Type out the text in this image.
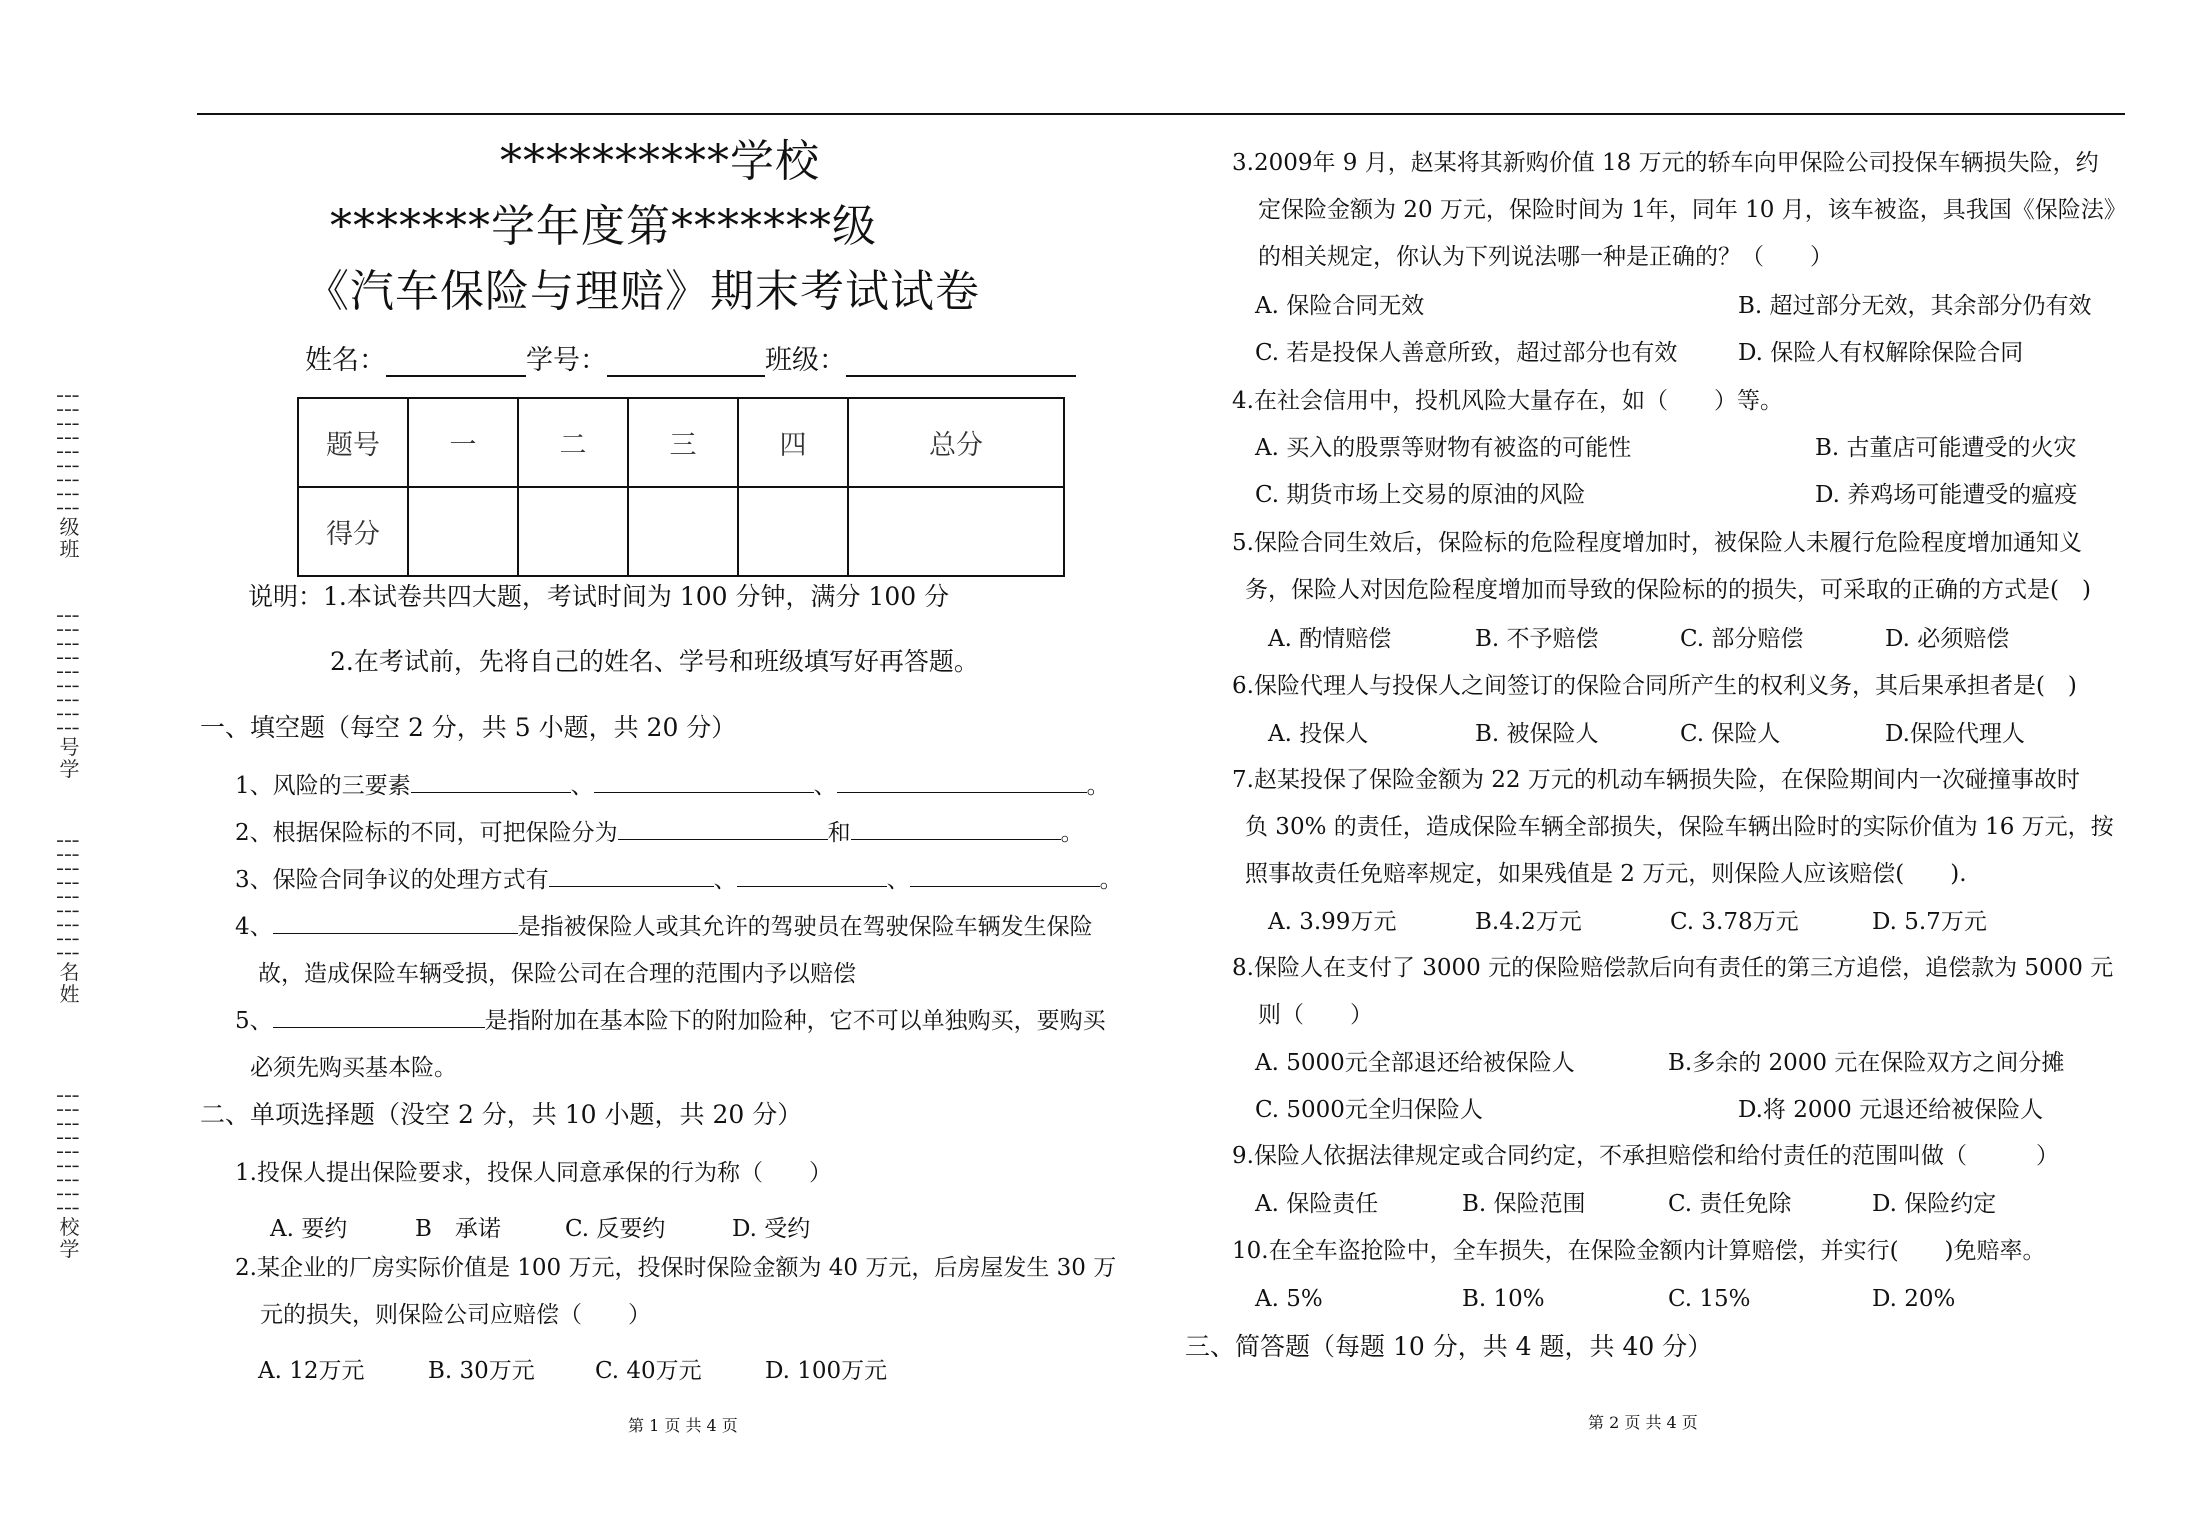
┆┆┆┆┆┆┆┆┆级班
┆┆┆┆┆┆┆┆┆号学
┆┆┆┆┆┆┆┆┆名姓
┆┆┆┆┆┆┆┆┆校学
**********学校
*******学年度第*******级
《汽车保险与理赔》期末考试试卷
姓名：	学号：	班级：
题号	一	二	三	四	总分
得分					
说明：1.本试卷共四大题，考试时间为 100 分钟，满分 100 分
2.在考试前，先将自己的姓名、学号和班级填写好再答题。
一、填空题（每空 2 分，共 5 小题，共 20 分）
1、风险的三要素	、	、	。
2、根据保险标的不同，可把保险分为	和	。
3、保险合同争议的处理方式有	、	、	。
4、	是指被保险人或其允许的驾驶员在驾驶保险车辆发生保险
故，造成保险车辆受损，保险公司在合理的范围内予以赔偿
5、	是指附加在基本险下的附加险种，它不可以单独购买，要购买
必须先购买基本险。
二、单项选择题（没空 2 分，共 10 小题，共 20 分）
1.投保人提出保险要求，投保人同意承保的行为称（　　）
A. 要约	B　承诺	C. 反要约	D. 受约
2.某企业的厂房实际价值是 100 万元，投保时保险金额为 40 万元，后房屋发生 30 万
元的损失，则保险公司应赔偿（　　）
A. 12万元	B. 30万元	C. 40万元	D. 100万元
第 1 页 共 4 页
3.2009年 9 月，赵某将其新购价值 18 万元的轿车向甲保险公司投保车辆损失险，约
定保险金额为 20 万元，保险时间为 1年，同年 10 月，该车被盗，具我国《保险法》
的相关规定，你认为下列说法哪一种是正确的？（　　）
A. 保险合同无效	B. 超过部分无效，其余部分仍有效
C. 若是投保人善意所致，超过部分也有效	D. 保险人有权解除保险合同
4.在社会信用中，投机风险大量存在，如（　　）等。
A. 买入的股票等财物有被盗的可能性	B. 古董店可能遭受的火灾
C. 期货市场上交易的原油的风险	D. 养鸡场可能遭受的瘟疫
5.保险合同生效后，保险标的危险程度增加时，被保险人未履行危险程度增加通知义
务，保险人对因危险程度增加而导致的保险标的的损失，可采取的正确的方式是(　)
A. 酌情赔偿	B. 不予赔偿	C. 部分赔偿	D. 必须赔偿
6.保险代理人与投保人之间签订的保险合同所产生的权利义务，其后果承担者是(　)
A. 投保人	B. 被保险人	C. 保险人	D.保险代理人
7.赵某投保了保险金额为 22 万元的机动车辆损失险，在保险期间内一次碰撞事故时
负 30% 的责任，造成保险车辆全部损失，保险车辆出险时的实际价值为 16 万元，按
照事故责任免赔率规定，如果残值是 2 万元，则保险人应该赔偿(　　).
A. 3.99万元	B.4.2万元	C. 3.78万元	D. 5.7万元
8.保险人在支付了 3000 元的保险赔偿款后向有责任的第三方追偿，追偿款为 5000 元
则（　　）
A. 5000元全部退还给被保险人	B.多余的 2000 元在保险双方之间分摊
C. 5000元全归保险人	D.将 2000 元退还给被保险人
9.保险人依据法律规定或合同约定，不承担赔偿和给付责任的范围叫做（　　　）
A. 保险责任	B. 保险范围	C. 责任免除	D. 保险约定
10.在全车盗抢险中，全车损失，在保险金额内计算赔偿，并实行(　　)免赔率。
A. 5%	B. 10%	C. 15%	D. 20%
三、简答题（每题 10 分，共 4 题，共 40 分）
第 2 页 共 4 页
